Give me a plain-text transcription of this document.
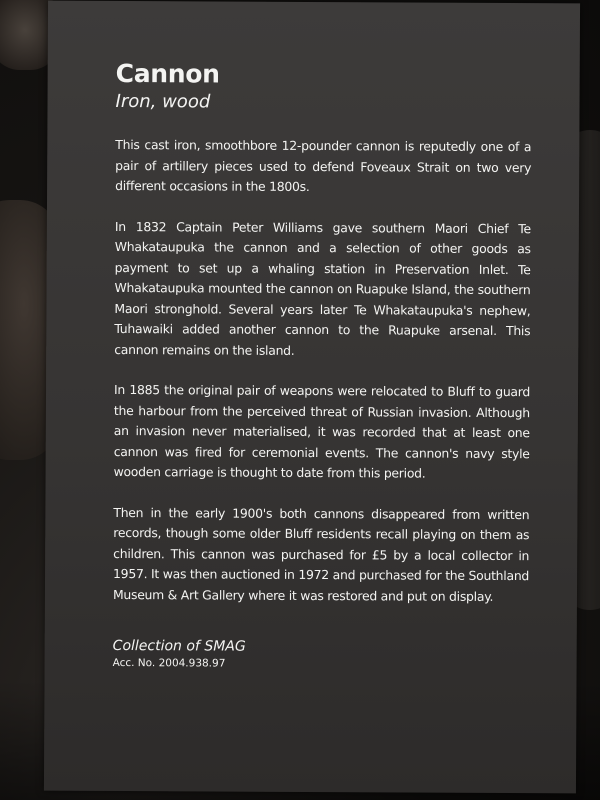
Cannon

Iron, wood

This cast iron, smoothbore 12-pounder cannon is reputedly one of a pair of artillery pieces used to defend Foveaux Strait on two very different occasions in the 1800s.

In 1832 Captain Peter Williams gave southern Maori Chief Te Whakataupuka the cannon and a selection of other goods as payment to set up a whaling station in Preservation Inlet. Te Whakataupuka mounted the cannon on Ruapuke Island, the southern Maori stronghold. Several years later Te Whakataupuka's nephew, Tuhawaiki added another cannon to the Ruapuke arsenal. This cannon remains on the island.

In 1885 the original pair of weapons were relocated to Bluff to guard the harbour from the perceived threat of Russian invasion. Although an invasion never materialised, it was recorded that at least one cannon was fired for ceremonial events. The cannon's navy style wooden carriage is thought to date from this period.

Then in the early 1900's both cannons disappeared from written records, though some older Bluff residents recall playing on them as children. This cannon was purchased for £5 by a local collector in 1957. It was then auctioned in 1972 and purchased for the Southland Museum & Art Gallery where it was restored and put on display.

Collection of SMAG
Acc. No. 2004.938.97
